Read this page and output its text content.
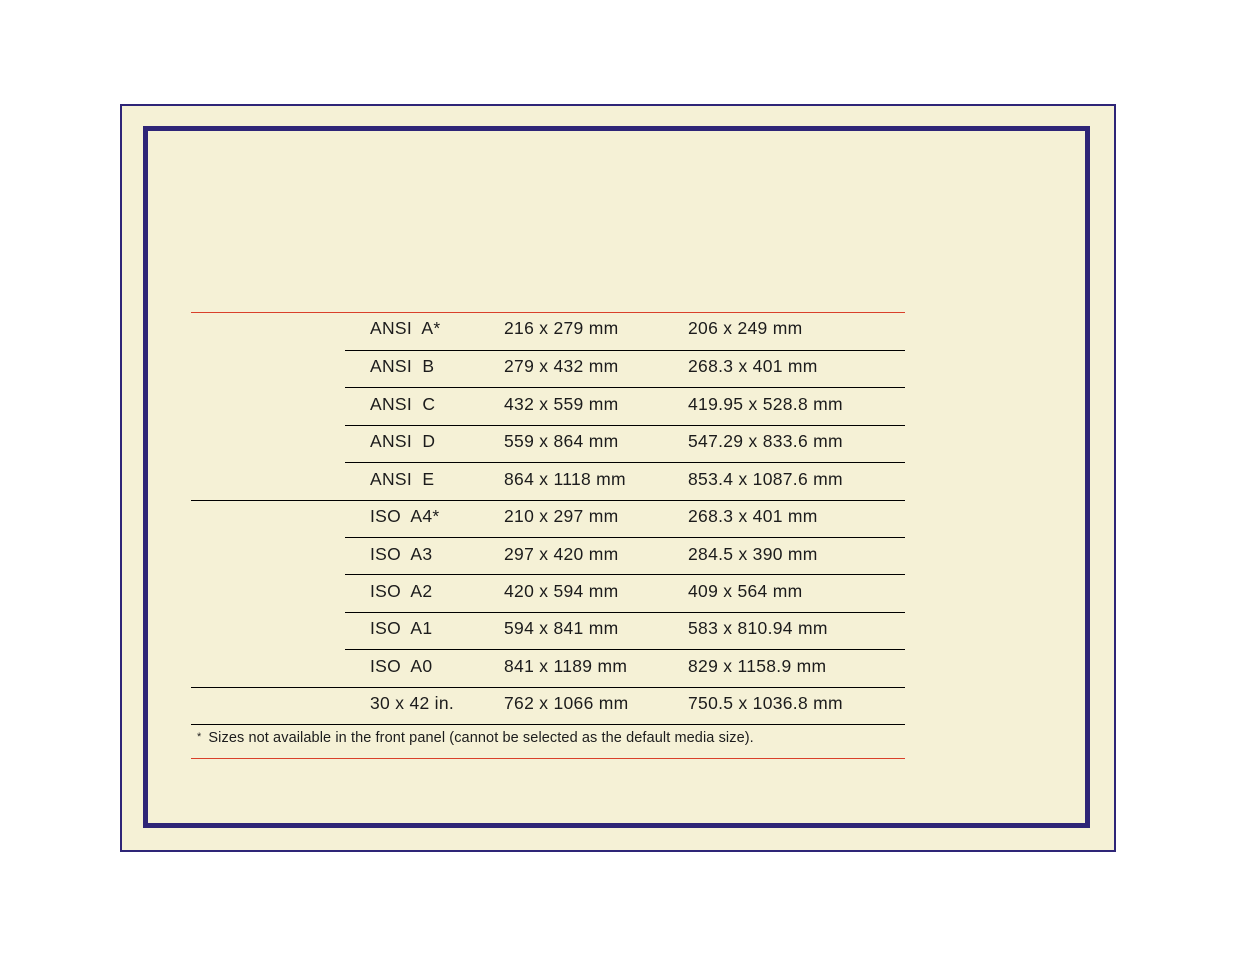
ANSI  A*	216 x 279 mm	206 x 249 mm
ANSI  B	279 x 432 mm	268.3 x 401 mm
ANSI  C	432 x 559 mm	419.95 x 528.8 mm
ANSI  D	559 x 864 mm	547.29 x 833.6 mm
ANSI  E	864 x 1118 mm	853.4 x 1087.6 mm
ISO  A4*	210 x 297 mm	268.3 x 401 mm
ISO  A3	297 x 420 mm	284.5 x 390 mm
ISO  A2	420 x 594 mm	409 x 564 mm
ISO  A1	594 x 841 mm	583 x 810.94 mm
ISO  A0	841 x 1189 mm	829 x 1158.9 mm
30 x 42 in.	762 x 1066 mm	750.5 x 1036.8 mm
* Sizes not available in the front panel (cannot be selected as the default media size).
